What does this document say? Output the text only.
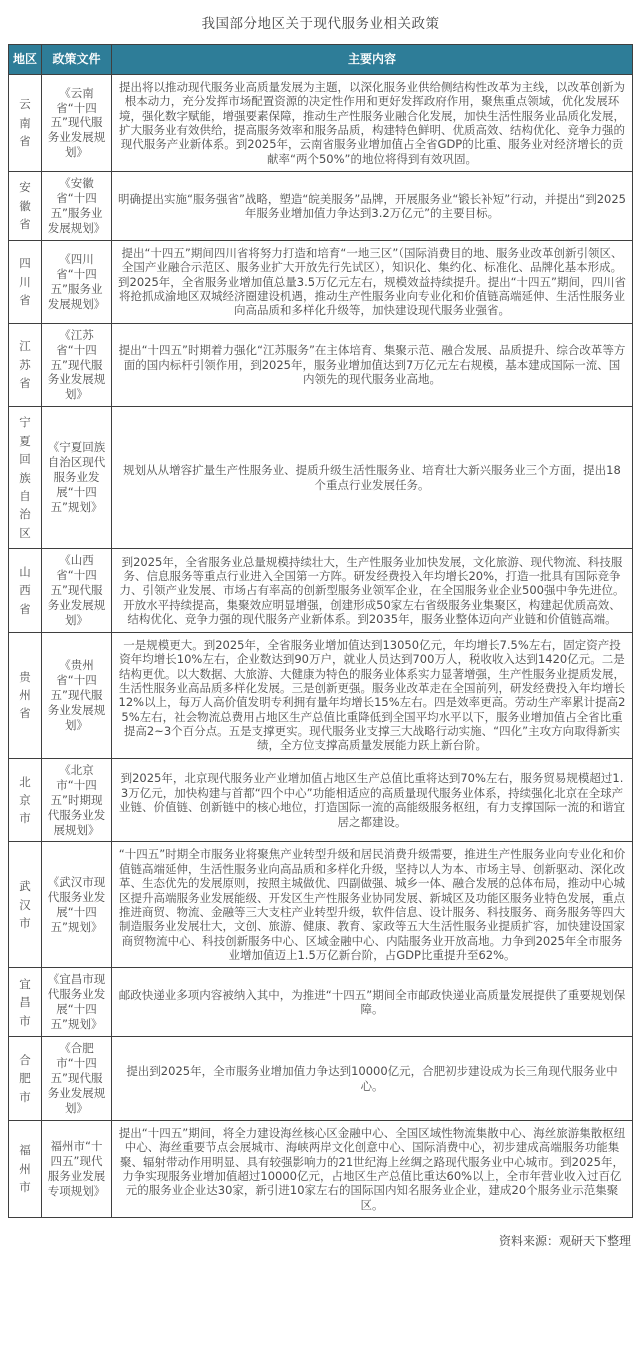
我国部分地区关于现代服务业相关政策
地区	政策文件	主要内容
云南省	《云南省“十四五”现代服务业发展规划》	提出将以推动现代服务业高质量发展为主题，以深化服务业供给侧结构性改革为主线，以改革创新为根本动力，充分发挥市场配置资源的决定性作用和更好发挥政府作用，聚焦重点领域，优化发展环境，强化数字赋能，增强要素保障，推动生产性服务业融合化发展，加快生活性服务业品质化发展，扩大服务业有效供给，提高服务效率和服务品质，构建特色鲜明、优质高效、结构优化、竞争力强的现代服务产业新体系。到2025年，云南省服务业增加值占全省GDP的比重、服务业对经济增长的贡献率“两个50%”的地位将得到有效巩固。
安徽省	《安徽省“十四五”服务业发展规划》	明确提出实施“服务强省”战略，塑造“皖美服务”品牌，开展服务业“锻长补短”行动，并提出“到2025年服务业增加值力争达到3.2万亿元”的主要目标。
四川省	《四川省“十四五”服务业发展规划》	提出“十四五”期间四川省将努力打造和培育“一地三区”（国际消费目的地、服务业改革创新引领区、全国产业融合示范区、服务业扩大开放先行先试区），知识化、集约化、标准化、品牌化基本形成。到2025年，全省服务业增加值总量3.5万亿元左右，规模效益持续提升。提出“十四五”期间，四川省将抢抓成渝地区双城经济圈建设机遇，推动生产性服务业向专业化和价值链高端延伸、生活性服务业向高品质和多样化升级等，加快建设现代服务业强省。
江苏省	《江苏省“十四五”现代服务业发展规划》	提出“十四五”时期着力强化“江苏服务”在主体培育、集聚示范、融合发展、品质提升、综合改革等方面的国内标杆引领作用，到2025年，服务业增加值达到7万亿元左右规模，基本建成国际一流、国内领先的现代服务业高地。
宁夏回族自治区	《宁夏回族自治区现代服务业发展“十四五”规划》	规划从从增容扩量生产性服务业、提质升级生活性服务业、培育壮大新兴服务业三个方面，提出18个重点行业发展任务。
山西省	《山西省“十四五”现代服务业发展规划》	到2025年，全省服务业总量规模持续壮大，生产性服务业加快发展，文化旅游、现代物流、科技服务、信息服务等重点行业进入全国第一方阵。研发经费投入年均增长20%，打造一批具有国际竞争力、引领产业发展、市场占有率高的创新型服务业领军企业，在全国服务业企业500强中争先进位。开放水平持续提高，集聚效应明显增强，创建形成50家左右省级服务业集聚区，构建起优质高效、结构优化、竞争力强的现代服务产业新体系。到2035年，服务业整体迈向产业链和价值链高端。
贵州省	《贵州省“十四五”现代服务业发展规划》	一是规模更大。到2025年，全省服务业增加值达到13050亿元，年均增长7.5%左右，固定资产投资年均增长10%左右，企业数达到90万户，就业人员达到700万人，税收收入达到1420亿元。二是结构更优。以大数据、大旅游、大健康为特色的服务业体系实力显著增强，生产性服务业提质发展，生活性服务业高品质多样化发展。三是创新更强。服务业改革走在全国前列，研发经费投入年均增长12%以上，每万人高价值发明专利拥有量年均增长15%左右。四是效率更高。劳动生产率累计提高25%左右，社会物流总费用占地区生产总值比重降低到全国平均水平以下，服务业增加值占全省比重提高2~3个百分点。五是支撑更实。现代服务业支撑三大战略行动实施、“四化”主攻方向取得新实绩，全方位支撑高质量发展能力跃上新台阶。
北京市	《北京市“十四五”时期现代服务业发展规划》	到2025年，北京现代服务业产业增加值占地区生产总值比重将达到70%左右，服务贸易规模超过1.3万亿元，加快构建与首都“四个中心”功能相适应的高质量现代服务业体系，持续强化北京在全球产业链、价值链、创新链中的核心地位，打造国际一流的高能级服务枢纽，有力支撑国际一流的和谐宜居之都建设。
武汉市	《武汉市现代服务业发展“十四五”规划》	“十四五”时期全市服务业将聚焦产业转型升级和居民消费升级需要，推进生产性服务业向专业化和价值链高端延伸，生活性服务业向高品质和多样化升级，坚持以人为本、市场主导、创新驱动、深化改革、生态优先的发展原则，按照主城做优、四副做强、城乡一体、融合发展的总体布局，推动中心城区提升高端服务业发展能级、开发区生产性服务业协同发展、新城区及功能区服务业特色发展，重点推进商贸、物流、金融等三大支柱产业转型升级，软件信息、设计服务、科技服务、商务服务等四大制造服务业发展壮大，文创、旅游、健康、教育、家政等五大生活性服务业提质扩容，加快建设国家商贸物流中心、科技创新服务中心、区域金融中心、内陆服务业开放高地。力争到2025年全市服务业增加值迈上1.5万亿新台阶，占GDP比重提升至62%。
宜昌市	《宜昌市现代服务业发展“十四五”规划》	邮政快递业多项内容被纳入其中，为推进“十四五”期间全市邮政快递业高质量发展提供了重要规划保障。
合肥市	《合肥市“十四五”现代服务业发展规划》	提出到2025年，全市服务业增加值力争达到10000亿元，合肥初步建设成为长三角现代服务业中心。
福州市	福州市“十四五”现代服务业发展专项规划》	提出“十四五”期间，将全力建设海丝核心区金融中心、全国区域性物流集散中心、海丝旅游集散枢纽中心、海丝重要节点会展城市、海峡两岸文化创意中心、国际消费中心，初步建成高端服务功能集聚、辐射带动作用明显、具有较强影响力的21世纪海上丝绸之路现代服务业中心城市。到2025年，力争实现服务业增加值超过10000亿元，占地区生产总值比重达60%以上，全市年营业收入过百亿元的服务业企业达30家，新引进10家左右的国际国内知名服务业企业，建成20个服务业示范集聚区。
资料来源：观研天下整理
